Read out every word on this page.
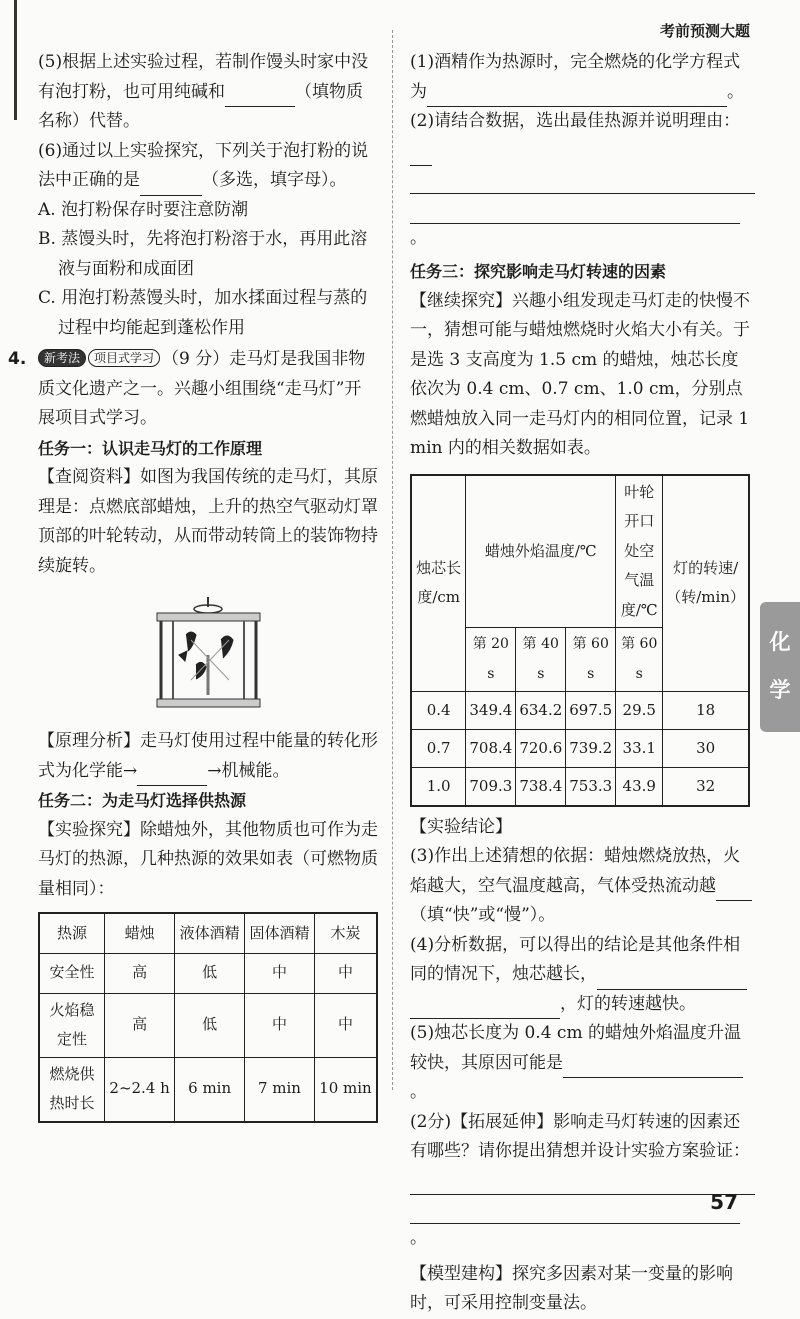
考前预测大题

(5)根据上述实验过程，若制作馒头时家中没有泡打粉，也可用纯碱和	（填物质名称）代替。

(6)通过以上实验探究，下列关于泡打粉的说法中正确的是	（多选，填字母）。

A. 泡打粉保存时要注意防潮

B. 蒸馒头时，先将泡打粉溶于水，再用此溶液与面粉和成面团

C. 用泡打粉蒸馒头时，加水揉面过程与蒸的过程中均能起到蓬松作用

4. 新考法 项目式学习 （9 分）走马灯是我国非物质文化遗产之一。兴趣小组围绕“走马灯”开展项目式学习。

任务一：认识走马灯的工作原理

【查阅资料】如图为我国传统的走马灯，其原理是：点燃底部蜡烛，上升的热空气驱动灯罩顶部的叶轮转动，从而带动转筒上的装饰物持续旋转。

【原理分析】走马灯使用过程中能量的转化形式为化学能→	→机械能。

任务二：为走马灯选择供热源

【实验探究】除蜡烛外，其他物质也可作为走马灯的热源，几种热源的效果如表（可燃物质量相同）：

热源	蜡烛	液体酒精	固体酒精	木炭
安全性	高	低	中	中
火焰稳定性	高	低	中	中
燃烧供热时长	2~2.4 h	6 min	7 min	10 min

(1)酒精作为热源时，完全燃烧的化学方程式为	。

(2)请结合数据，选出最佳热源并说明理由：

。

任务三：探究影响走马灯转速的因素

【继续探究】兴趣小组发现走马灯走的快慢不一，猜想可能与蜡烛燃烧时火焰大小有关。于是选 3 支高度为 1.5 cm 的蜡烛，烛芯长度依次为 0.4 cm、0.7 cm、1.0 cm，分别点燃蜡烛放入同一走马灯内的相同位置，记录 1 min 内的相关数据如表。

烛芯长度/cm	蜡烛外焰温度/℃			叶轮开口处空气温度/℃	灯的转速/（转/min）
	第 20 s	第 40 s	第 60 s	第 60 s	
0.4	349.4	634.2	697.5	29.5	18
0.7	708.4	720.6	739.2	33.1	30
1.0	709.3	738.4	753.3	43.9	32

【实验结论】

(3)作出上述猜想的依据：蜡烛燃烧放热，火焰越大，空气温度越高，气体受热流动越（填“快”或“慢”）。

(4)分析数据，可以得出的结论是其他条件相同的情况下，烛芯越长，
，灯的转速越快。

(5)烛芯长度为 0.4 cm 的蜡烛外焰温度升温较快，其原因可能是。

(2分)【拓展延伸】影响走马灯转速的因素还有哪些？请你提出猜想并设计实验方案验证：

。

【模型建构】探究多因素对某一变量的影响时，可采用控制变量法。

化
学
57
